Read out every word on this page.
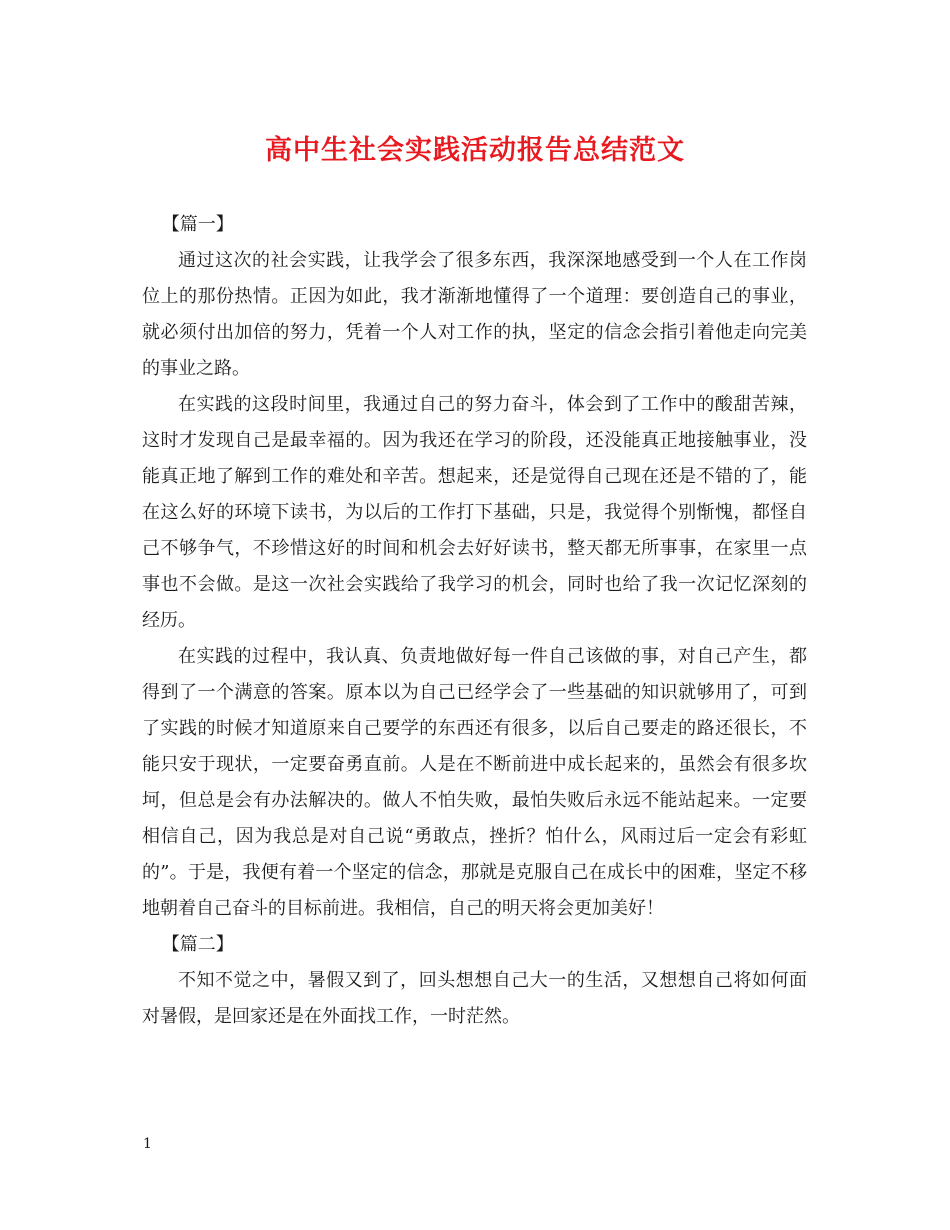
高中生社会实践活动报告总结范文

【篇一】

通过这次的社会实践，让我学会了很多东西，我深深地感受到一个人在工作岗位上的那份热情。正因为如此，我才渐渐地懂得了一个道理：要创造自己的事业，就必须付出加倍的努力，凭着一个人对工作的执，坚定的信念会指引着他走向完美的事业之路。

在实践的这段时间里，我通过自己的努力奋斗，体会到了工作中的酸甜苦辣，这时才发现自己是最幸福的。因为我还在学习的阶段，还没能真正地接触事业，没能真正地了解到工作的难处和辛苦。想起来，还是觉得自己现在还是不错的了，能在这么好的环境下读书，为以后的工作打下基础，只是，我觉得个别惭愧，都怪自己不够争气，不珍惜这好的时间和机会去好好读书，整天都无所事事，在家里一点事也不会做。是这一次社会实践给了我学习的机会，同时也给了我一次记忆深刻的经历。

在实践的过程中，我认真、负责地做好每一件自己该做的事，对自己产生，都得到了一个满意的答案。原本以为自己已经学会了一些基础的知识就够用了，可到了实践的时候才知道原来自己要学的东西还有很多，以后自己要走的路还很长，不能只安于现状，一定要奋勇直前。人是在不断前进中成长起来的，虽然会有很多坎坷，但总是会有办法解决的。做人不怕失败，最怕失败后永远不能站起来。一定要相信自己，因为我总是对自己说“勇敢点，挫折？怕什么，风雨过后一定会有彩虹的”。于是，我便有着一个坚定的信念，那就是克服自己在成长中的困难，坚定不移地朝着自己奋斗的目标前进。我相信，自己的明天将会更加美好！

【篇二】

不知不觉之中，暑假又到了，回头想想自己大一的生活，又想想自己将如何面对暑假，是回家还是在外面找工作，一时茫然。

1
